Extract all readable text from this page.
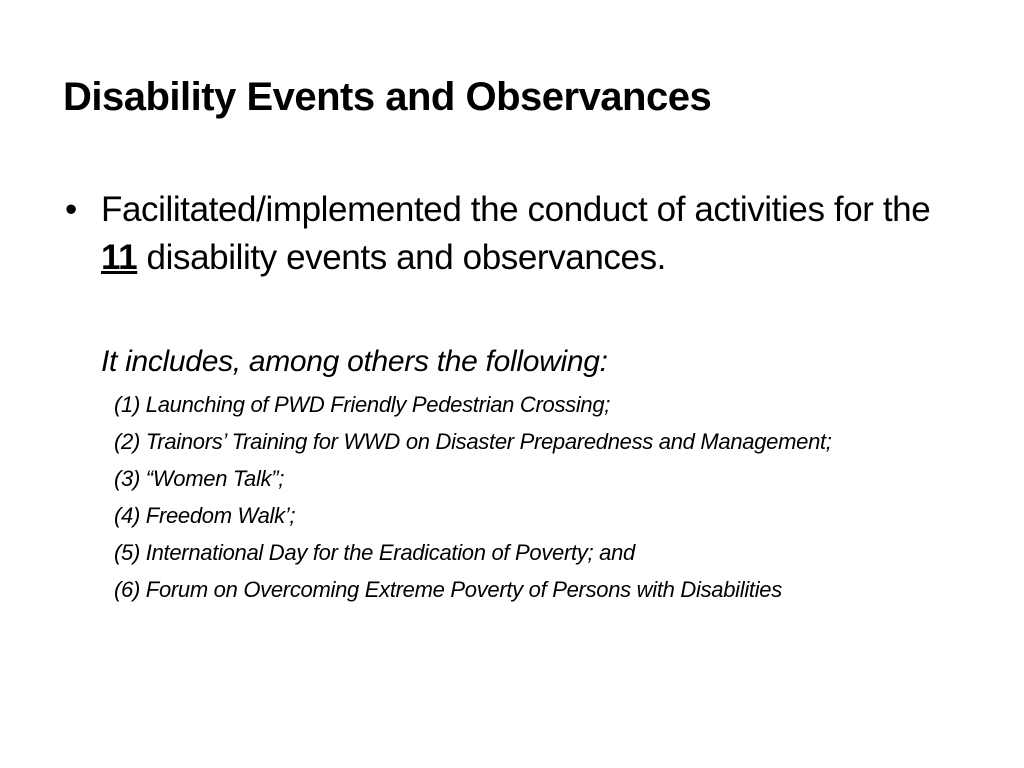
Disability Events and Observances
• Facilitated/implemented the conduct of activities for the 11 disability events and observances.
It includes, among others the following:
(1) Launching of PWD Friendly Pedestrian Crossing;
(2) Trainors’ Training for WWD on Disaster Preparedness and Management;
(3) “Women Talk”;
(4) Freedom Walk’;
(5) International Day for the Eradication of Poverty; and
(6) Forum on Overcoming Extreme Poverty of Persons with Disabilities
